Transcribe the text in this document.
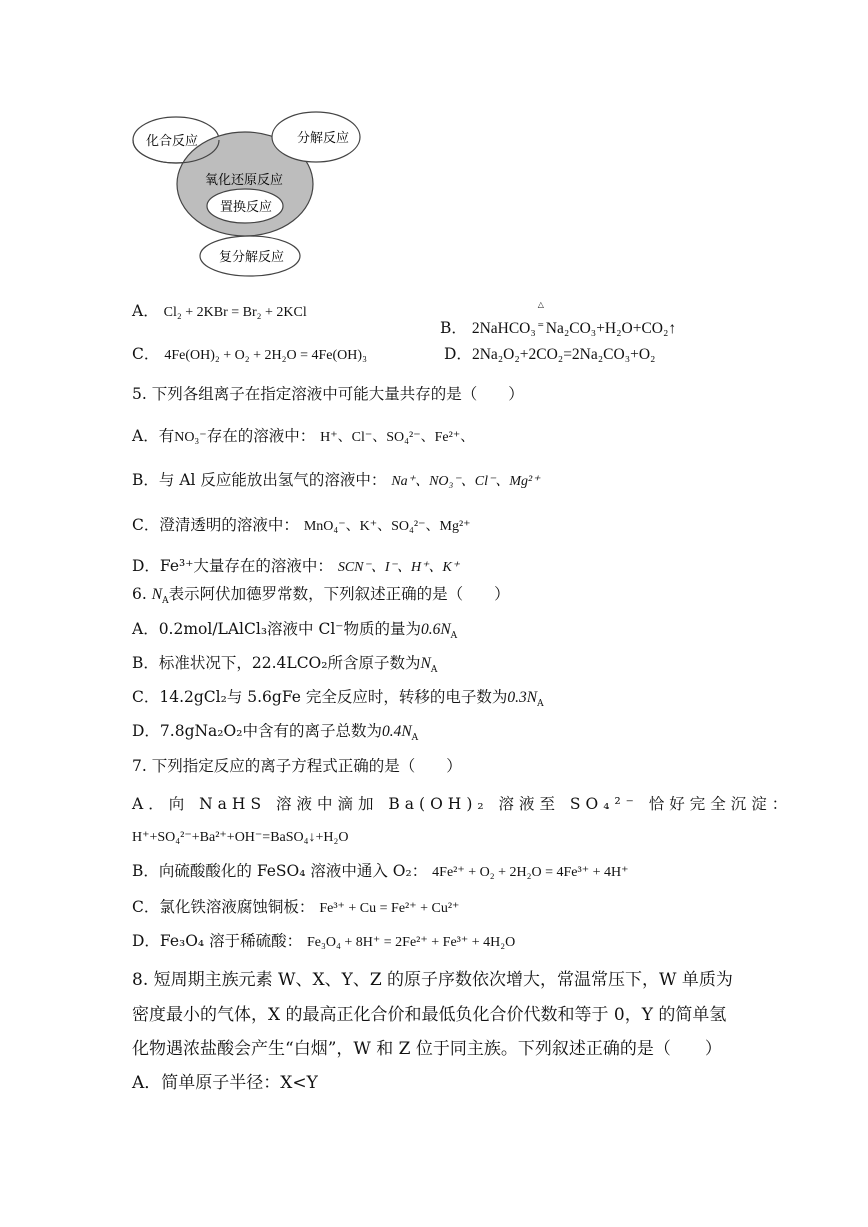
化合反应	分解反应
氧化还原反应
置换反应
复分解反应
A． Cl₂ + 2KBr = Br₂ + 2KCl
B． 2NaHCO₃△
= Na₂CO₃+H₂O+CO₂↑
C． 4Fe(OH)₂ + O₂ + 2H₂O = 4Fe(OH)₃	D．2Na₂O₂+2CO₂=2Na₂CO₃+O₂
5. 下列各组离子在指定溶液中可能大量共存的是（　　）
A．有NO₃⁻存在的溶液中： H⁺、Cl⁻、SO₄²⁻、Fe²⁺、
B．与 Al 反应能放出氢气的溶液中： Na⁺、NO₃⁻、Cl⁻、Mg²⁺
C．澄清透明的溶液中： MnO₄⁻、K⁺、SO₄²⁻、Mg²⁺
D．Fe³⁺大量存在的溶液中： SCN⁻、I⁻、H⁺、K⁺
6. $N_A$表示阿伏加德罗常数，下列叙述正确的是（　　）
A．0.2mol/LAlCl₃溶液中 Cl⁻物质的量为$0.6N_A$
B．标准状况下，22.4LCO₂所含原子数为$N_A$
C．14.2gCl₂与 5.6gFe 完全反应时，转移的电子数为$0.3N_A$
D．7.8gNa₂O₂中含有的离子总数为$0.4N_A$
7. 下列指定反应的离子方程式正确的是（　　）
A．向 NaHS 溶液中滴加 Ba(OH)₂ 溶液至 SO₄²⁻ 恰好完全沉淀：
H⁺+SO₄²⁻+Ba²⁺+OH⁻=BaSO₄↓+H₂O
B．向硫酸酸化的 FeSO₄ 溶液中通入 O₂： 4Fe²⁺ + O₂ + 2H₂O = 4Fe³⁺ + 4H⁺
C．氯化铁溶液腐蚀铜板： Fe³⁺ + Cu = Fe²⁺ + Cu²⁺
D．Fe₃O₄ 溶于稀硫酸： Fe₃O₄ + 8H⁺ = 2Fe²⁺ + Fe³⁺ + 4H₂O
8. 短周期主族元素 W、X、Y、Z 的原子序数依次增大，常温常压下，W 单质为
密度最小的气体，X 的最高正化合价和最低负化合价代数和等于 0，Y 的简单氢
化物遇浓盐酸会产生“白烟”，W 和 Z 位于同主族。下列叙述正确的是（　　）
A．简单原子半径：X<Y
